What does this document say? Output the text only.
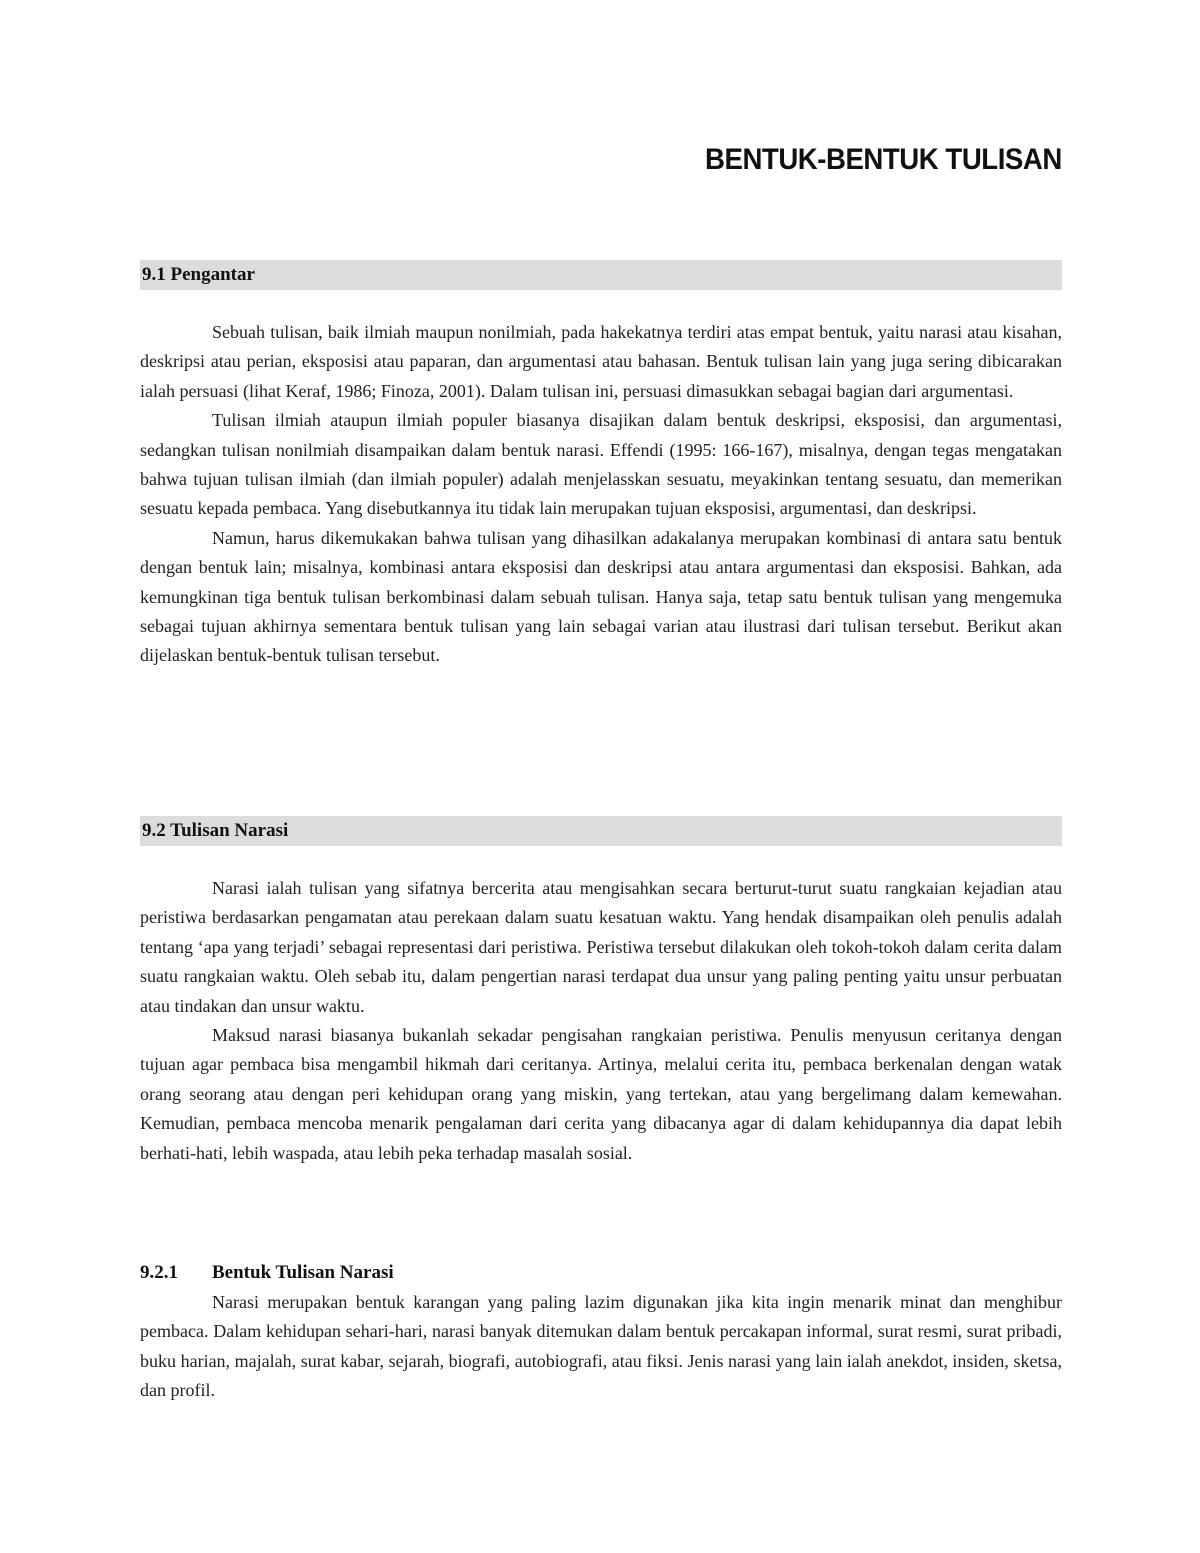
BENTUK-BENTUK TULISAN
9.1 Pengantar

Sebuah tulisan, baik ilmiah maupun nonilmiah, pada hakekatnya terdiri atas empat bentuk, yaitu narasi atau kisahan, deskripsi atau perian, eksposisi atau paparan, dan argumentasi atau bahasan. Bentuk tulisan lain yang juga sering dibicarakan ialah persuasi (lihat Keraf, 1986; Finoza, 2001). Dalam tulisan ini, persuasi dimasukkan sebagai bagian dari argumentasi.

Tulisan ilmiah ataupun ilmiah populer biasanya disajikan dalam bentuk deskripsi, eksposisi, dan argumentasi, sedangkan tulisan nonilmiah disampaikan dalam bentuk narasi. Effendi (1995: 166-167), misalnya, dengan tegas mengatakan bahwa tujuan tulisan ilmiah (dan ilmiah populer) adalah menjelasskan sesuatu, meyakinkan tentang sesuatu, dan memerikan sesuatu kepada pembaca. Yang disebutkannya itu tidak lain merupakan tujuan eksposisi, argumentasi, dan deskripsi.

Namun, harus dikemukakan bahwa tulisan yang dihasilkan adakalanya merupakan kombinasi di antara satu bentuk dengan bentuk lain; misalnya, kombinasi antara eksposisi dan deskripsi atau antara argumentasi dan eksposisi. Bahkan, ada kemungkinan tiga bentuk tulisan berkombinasi dalam sebuah tulisan. Hanya saja, tetap satu bentuk tulisan yang mengemuka sebagai tujuan akhirnya sementara bentuk tulisan yang lain sebagai varian atau ilustrasi dari tulisan tersebut. Berikut akan dijelaskan bentuk-bentuk tulisan tersebut.

9.2 Tulisan Narasi

Narasi ialah tulisan yang sifatnya bercerita atau mengisahkan secara berturut-turut suatu rangkaian kejadian atau peristiwa berdasarkan pengamatan atau perekaan dalam suatu kesatuan waktu. Yang hendak disampaikan oleh penulis adalah tentang ‘apa yang terjadi’ sebagai representasi dari peristiwa. Peristiwa tersebut dilakukan oleh tokoh-tokoh dalam cerita dalam suatu rangkaian waktu. Oleh sebab itu, dalam pengertian narasi terdapat dua unsur yang paling penting yaitu unsur perbuatan atau tindakan dan unsur waktu.

Maksud narasi biasanya bukanlah sekadar pengisahan rangkaian peristiwa. Penulis menyusun ceritanya dengan tujuan agar pembaca bisa mengambil hikmah dari ceritanya. Artinya, melalui cerita itu, pembaca berkenalan dengan watak orang seorang atau dengan peri kehidupan orang yang miskin, yang tertekan, atau yang bergelimang dalam kemewahan. Kemudian, pembaca mencoba menarik pengalaman dari cerita yang dibacanya agar di dalam kehidupannya dia dapat lebih berhati-hati, lebih waspada, atau lebih peka terhadap masalah sosial.

9.2.1 Bentuk Tulisan Narasi

Narasi merupakan bentuk karangan yang paling lazim digunakan jika kita ingin menarik minat dan menghibur pembaca. Dalam kehidupan sehari-hari, narasi banyak ditemukan dalam bentuk percakapan informal, surat resmi, surat pribadi, buku harian, majalah, surat kabar, sejarah, biografi, autobiografi, atau fiksi. Jenis narasi yang lain ialah anekdot, insiden, sketsa, dan profil.
